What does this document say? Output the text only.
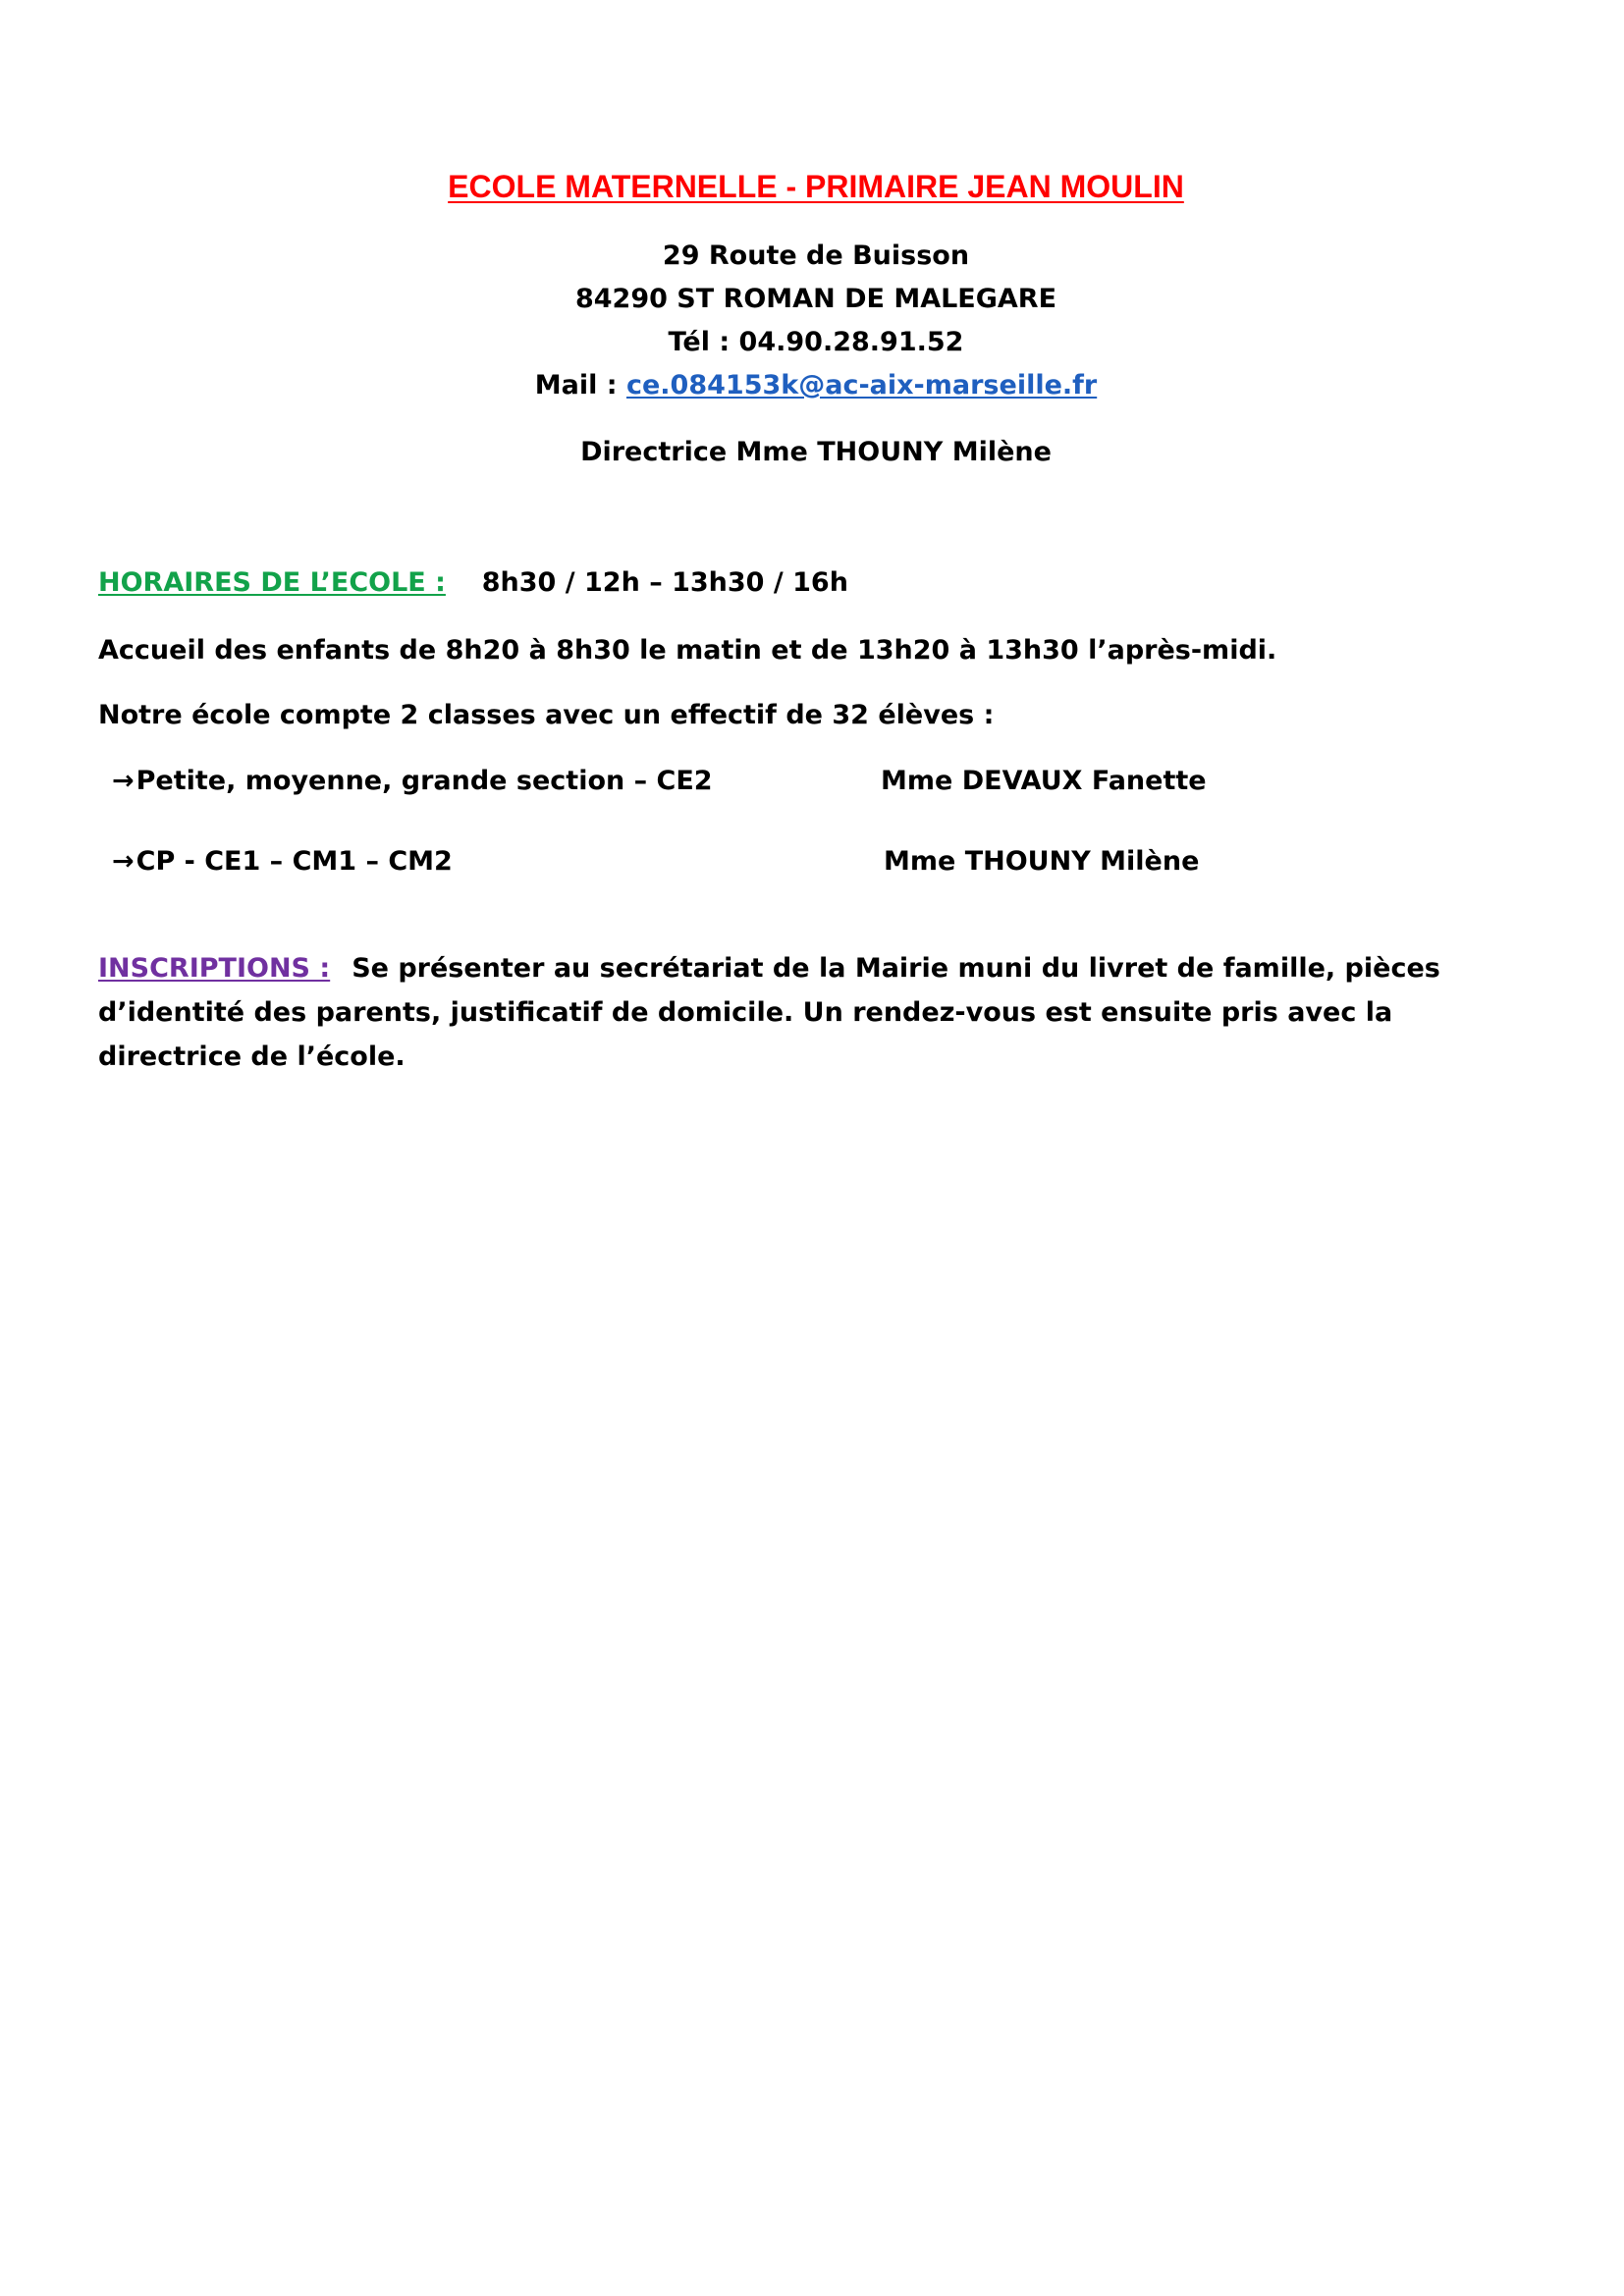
ECOLE MATERNELLE - PRIMAIRE JEAN MOULIN
29 Route de Buisson
84290 ST ROMAN DE MALEGARE
Tél : 04.90.28.91.52
Mail : ce.084153k@ac-aix-marseille.fr
Directrice Mme THOUNY Milène
HORAIRES DE L’ECOLE : 8h30 / 12h – 13h30 / 16h
Accueil des enfants de 8h20 à 8h30 le matin et de 13h20 à 13h30 l’après-midi.
Notre école compte 2 classes avec un effectif de 32 élèves :
→Petite, moyenne, grande section – CE2	Mme DEVAUX Fanette
→CP - CE1 – CM1 – CM2	Mme THOUNY Milène
INSCRIPTIONS : Se présenter au secrétariat de la Mairie muni du livret de famille, pièces d’identité des parents, justificatif de domicile. Un rendez-vous est ensuite pris avec la directrice de l’école.
